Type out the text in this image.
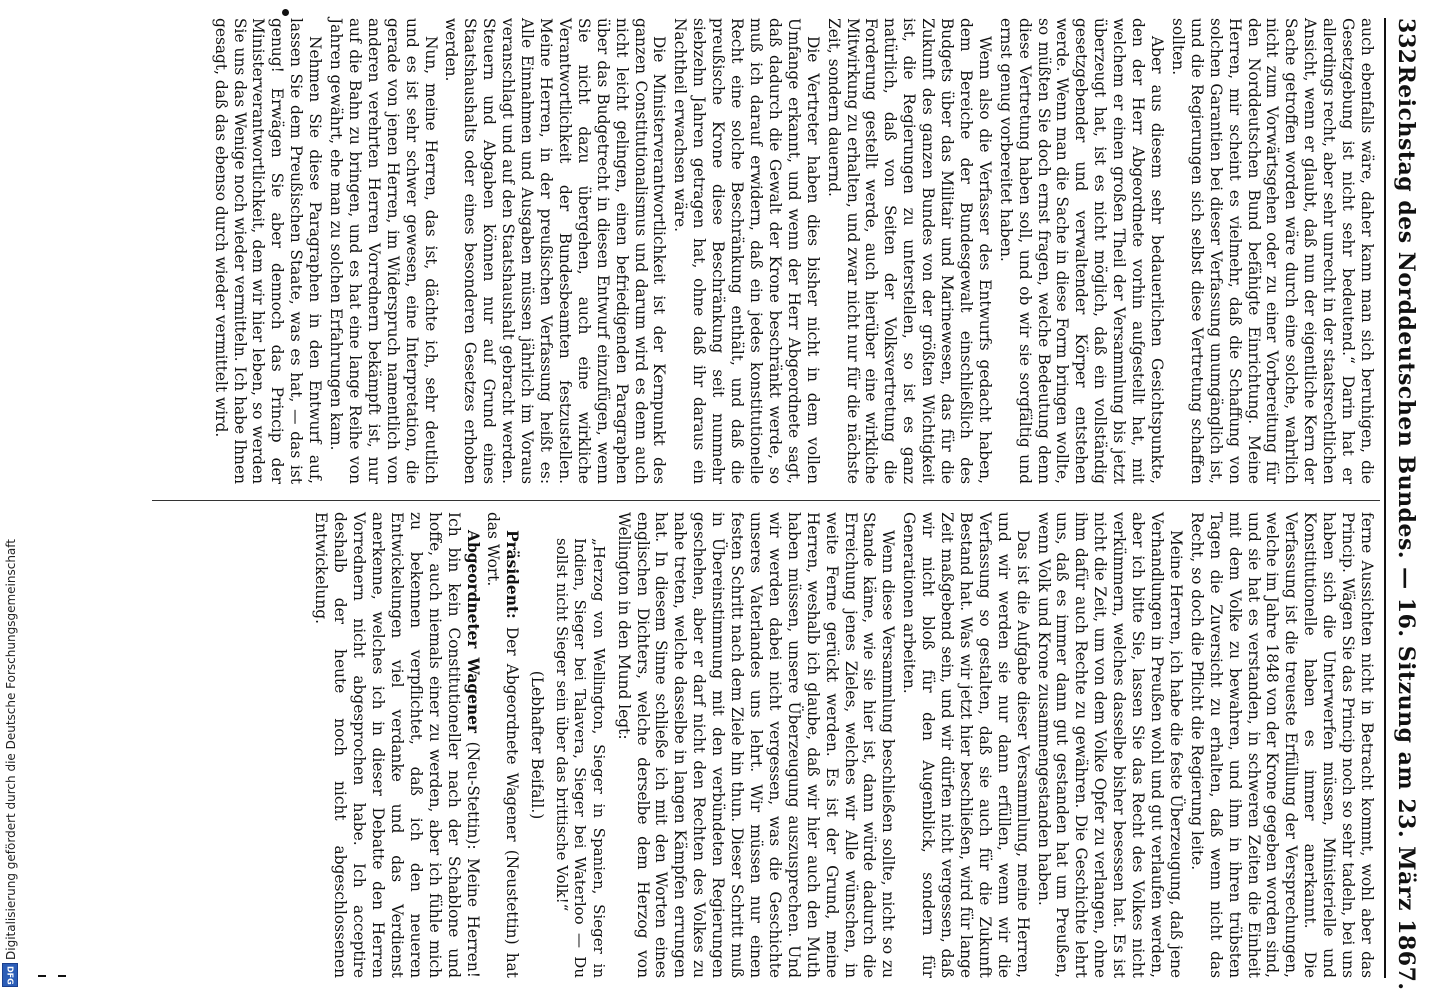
332
Reichstag des Norddeutschen Bundes. — 16. Sitzung am 23. März 1867.

auch ebenfalls wäre, daher kann man sich beruhigen, die Gesetzgebung ist nicht sehr bedeutend.“ Darin hat er allerdings recht, aber sehr unrecht in der staatsrechtlichen Ansicht, wenn er glaubt, daß nun der eigentliche Kern der Sache getroffen worden wäre durch eine solche, wahrlich nicht zum Vorwärtsgehen oder zu einer Vorbereitung für den Norddeutschen Bund befähigte Einrichtung. Meine Herren, mir scheint es vielmehr, daß die Schaffung von solchen Garantien bei dieser Verfassung unumgänglich ist, und die Regierungen sich selbst diese Vertretung schaffen sollten.

Aber aus diesem sehr bedauerlichen Gesichtspunkte, den der Herr Abgeordnete vorhin aufgestellt hat, mit welchem er einen großen Theil der Versammlung bis jetzt überzeugt hat, ist es nicht möglich, daß ein vollständig gesetzgebender und verwaltender Körper entstehen werde. Wenn man die Sache in diese Form bringen wollte, so müßten Sie doch ernst fragen, welche Bedeutung denn diese Vertretung haben soll, und ob wir sie sorgfältig und ernst genug vorbereitet haben.

Wenn also die Verfasser des Entwurfs gedacht haben, dem Bereiche der Bundesgewalt einschließlich des Budgets über das Militair und Marinewesen, das für die Zukunft des ganzen Bundes von der größten Wichtigkeit ist, die Regierungen zu unterstellen, so ist es ganz natürlich, daß von Seiten der Volksvertretung die Forderung gestellt werde, auch hierüber eine wirkliche Mitwirkung zu erhalten, und zwar nicht nur für die nächste Zeit, sondern dauernd.

Die Vertreter haben dies bisher nicht in dem vollen Umfange erkannt, und wenn der Herr Abgeordnete sagt, daß dadurch die Gewalt der Krone beschränkt werde, so muß ich darauf erwidern, daß ein jedes konstitutionelle Recht eine solche Beschränkung enthält, und daß die preußische Krone diese Beschränkung seit nunmehr siebzehn Jahren getragen hat, ohne daß ihr daraus ein Nachtheil erwachsen wäre.

Die Ministerverantwortlichkeit ist der Kernpunkt des ganzen Constitutionalismus und darum wird es denn auch nicht leicht gelingen, einen befriedigenden Paragraphen über das Budgetrecht in diesen Entwurf einzufügen, wenn Sie nicht dazu übergehen, auch eine wirkliche Verantwortlichkeit der Bundesbeamten festzustellen. Meine Herren, in der preußischen Verfassung heißt es: Alle Einnahmen und Ausgaben müssen jährlich im Voraus veranschlagt und auf den Staatshaushalt gebracht werden. Steuern und Abgaben können nur auf Grund eines Staatshaushalts oder eines besonderen Gesetzes erhoben werden.

Nun, meine Herren, das ist, dächte ich, sehr deutlich und es ist sehr schwer gewesen, eine Interpretation, die gerade von jenen Herren, im Widerspruch namentlich von anderen verehrten Herren Vorrednern bekämpft ist, nur auf die Bahn zu bringen, und es hat eine lange Reihe von Jahren gewährt, ehe man zu solchen Erfahrungen kam.

Nehmen Sie diese Paragraphen in den Entwurf auf, lassen Sie dem Preußischen Staate, was es hat, — das ist genug! Erwägen Sie aber dennoch das Princip der Ministerverantwortlichkeit, dem wir hier leben, so werden Sie uns das Wenige noch wieder vermitteln. Ich habe Ihnen gesagt, daß das ebenso durch wieder vermittelt wird.

ferne Aussichten nicht in Betracht kommt, wohl aber das Princip. Wägen Sie das Princip noch so sehr tadeln, bei uns haben sich die Unterwerfen müssen, Ministerielle und Konstitutionelle haben es immer anerkannt. Die Verfassung ist die treueste Erfüllung der Versprechungen, welche im Jahre 1848 von der Krone gegeben worden sind, und sie hat es verstanden, in schweren Zeiten die Einheit mit dem Volke zu bewahren, und ihm in ihren trübsten Tagen die Zuversicht zu erhalten, daß wenn nicht das Recht, so doch die Pflicht die Regierung leite.

Meine Herren, ich habe die feste Überzeugung, daß jene Verhandlungen in Preußen wohl und gut verlaufen werden, aber ich bitte Sie, lassen Sie das Recht des Volkes nicht verkümmern, welches dasselbe bisher besessen hat. Es ist nicht die Zeit, um von dem Volke Opfer zu verlangen, ohne ihm dafür auch Rechte zu gewähren. Die Geschichte lehrt uns, daß es immer dann gut gestanden hat um Preußen, wenn Volk und Krone zusammengestanden haben.

Das ist die Aufgabe dieser Versammlung, meine Herren, und wir werden sie nur dann erfüllen, wenn wir die Verfassung so gestalten, daß sie auch für die Zukunft Bestand hat. Was wir jetzt hier beschließen, wird für lange Zeit maßgebend sein, und wir dürfen nicht vergessen, daß wir nicht bloß für den Augenblick, sondern für Generationen arbeiten.

Wenn diese Versammlung beschließen sollte, nicht so zu Stande käme, wie sie hier ist, dann würde dadurch die Erreichung jenes Zieles, welches wir Alle wünschen, in weite Ferne gerückt werden. Es ist der Grund, meine Herren, weshalb ich glaube, daß wir hier auch den Muth haben müssen, unsere Überzeugung auszusprechen. Und wir werden dabei nicht vergessen, was die Geschichte unseres Vaterlandes uns lehrt. Wir müssen nur einen festen Schritt nach dem Ziele hin thun. Dieser Schritt muß in Übereinstimmung mit den verbündeten Regierungen geschehen, aber er darf nicht den Rechten des Volkes zu nahe treten, welche dasselbe in langen Kämpfen errungen hat. In diesem Sinne schließe ich mit den Worten eines englischen Dichters, welche derselbe dem Herzog von Wellington in den Mund legt:

„Herzog von Wellington, Sieger in Spanien, Sieger in Indien, Sieger bei Talavera, Sieger bei Waterloo — Du sollst nicht Sieger sein über das brittische Volk!“

(Lebhafter Beifall.)

Präsident: Der Abgeordnete Wagener (Neustettin) hat das Wort.

Abgeordneter Wagener (Neu-Stettin): Meine Herren! Ich bin kein Constitutioneller nach der Schablone und hoffe, auch niemals einer zu werden, aber ich fühle mich zu bekennen verpflichtet, daß ich den neueren Entwickelungen viel verdanke und das Verdienst anerkenne, welches ich in dieser Debatte den Herren Vorrednern nicht abgesprochen habe. Ich acceptire deshalb der heute noch nicht abgeschlossenen Entwickelung.

Digitalisierung gefördert durch die Deutsche Forschungsgemeinschaft
DFG
